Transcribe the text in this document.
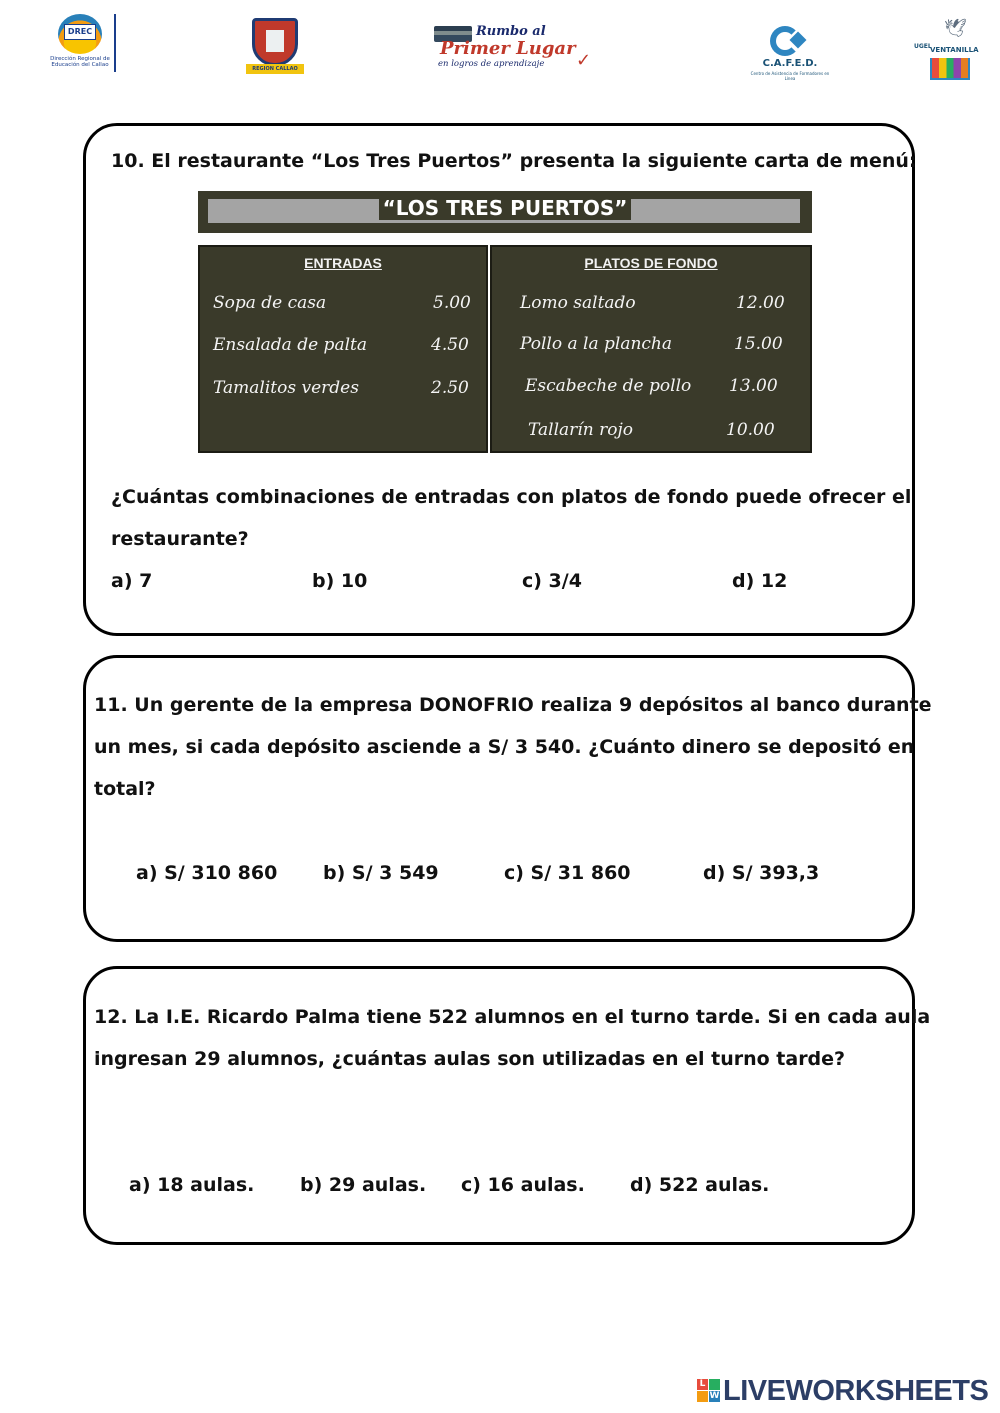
DREC
Dirección Regional de Educación del Callao
REGION CALLAO
Rumbo al
Primer Lugar
en logros de aprendizaje ✓	C.A.F.E.D.
Centro de Asistencia de Formadores en Línea
🕊
UGEL
VENTANILLA
10. El restaurante “Los Tres Puertos” presenta la siguiente carta de menú:
“LOS TRES PUERTOS”
ENTRADAS
Sopa de casa	5.00
Ensalada de palta	4.50
Tamalitos verdes	2.50
PLATOS DE FONDO
Lomo saltado	12.00
Pollo a la plancha	15.00
Escabeche de pollo 13.00
Tallarín rojo	10.00
¿Cuántas combinaciones de entradas con platos de fondo puede ofrecer el
restaurante?
a) 7	b) 10	c) 3/4	d) 12
11. Un gerente de la empresa DONOFRIO realiza 9 depósitos al banco durante
un mes, si cada depósito asciende a S/ 3 540. ¿Cuánto dinero se depositó en
total?
a) S/ 310 860 b) S/ 3 549	c) S/ 31 860	d) S/ 393,3
12. La I.E. Ricardo Palma tiene 522 alumnos en el turno tarde. Si en cada aula
ingresan 29 alumnos, ¿cuántas aulas son utilizadas en el turno tarde?
a) 18 aulas. b) 29 aulas. c) 16 aulas. d) 522 aulas.
L
W LIVEWORKSHEETS
